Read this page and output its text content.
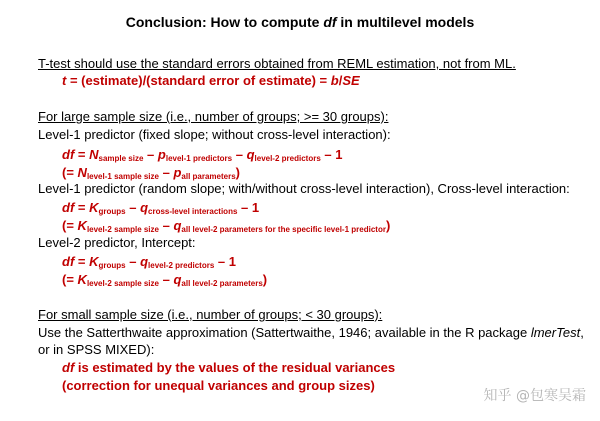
Conclusion: How to compute df in multilevel models
T-test should use the standard errors obtained from REML estimation, not from ML.
t = (estimate)/(standard error of estimate) = b/SE
For large sample size (i.e., number of groups; >= 30 groups):
Level-1 predictor (fixed slope; without cross-level interaction):
df = $N_{sample size} - p_{level-1 predictors} - q_{level-2 predictors} - 1$
(= $N_{level-1 sample size} - p_{all parameters}$)
Level-1 predictor (random slope; with/without cross-level interaction), Cross-level interaction:
df = $K_{groups} - q_{cross-level interactions} - 1$
(= $K_{level-2 sample size} - q_{all level-2 parameters for the specific level-1 predictor}$)
Level-2 predictor, Intercept:
df = $K_{groups} - q_{level-2 predictors} - 1$
(= $K_{level-2 sample size} - q_{all level-2 parameters}$)
For small sample size (i.e., number of groups; < 30 groups):
Use the Satterthwaite approximation (Sattertwaithe, 1946; available in the R package lmerTest,
or in SPSS MIXED):
df is estimated by the values of the residual variances
(correction for unequal variances and group sizes)
知乎 @包寒吴霜
